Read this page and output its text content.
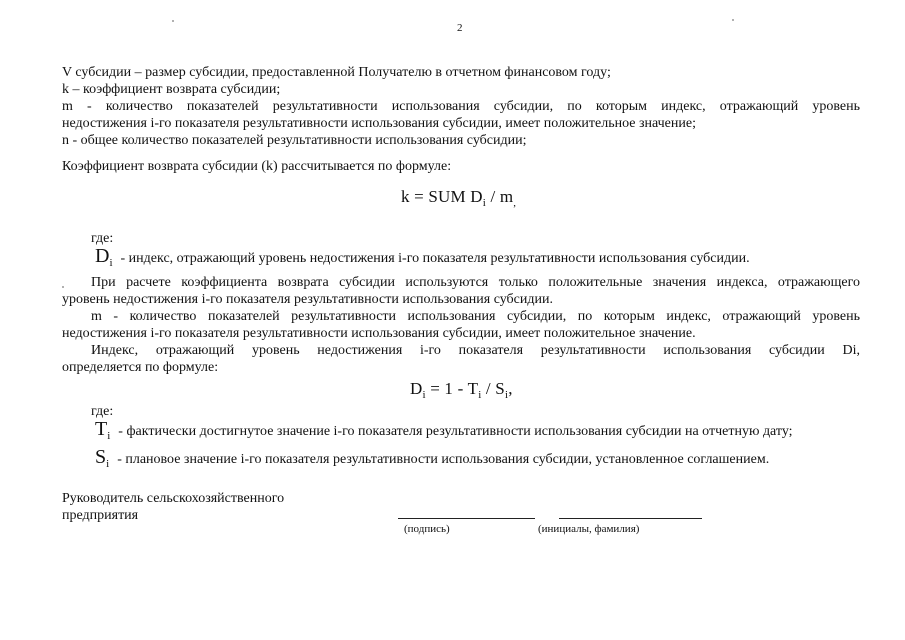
2
V субсидии – размер субсидии, предоставленной Получателю в отчетном финансовом году;
k – коэффициент возврата субсидии;
m - количество показателей результативности использования субсидии, по которым индекс, отражающий уровень
недостижения i-го показателя результативности использования субсидии, имеет положительное значение;
n - общее количество показателей результативности использования субсидии;
Коэффициент возврата субсидии (k) рассчитывается по формуле:
k = SUM $D_i / m_,$
где:
$D_i$ - индекс, отражающий уровень недостижения i-го показателя результативности использования субсидии.
При расчете коэффициента возврата субсидии используются только положительные значения индекса, отражающего
уровень недостижения i-го показателя результативности использования субсидии.
m - количество показателей результативности использования субсидии, по которым индекс, отражающий уровень
недостижения i-го показателя результативности использования субсидии, имеет положительное значение.
Индекс, отражающий уровень недостижения i-го показателя результативности использования субсидии Di,
определяется по формуле:
$D_i = 1 - T_i / S_i$,
где:
$T_i$ - фактически достигнутое значение i-го показателя результативности использования субсидии на отчетную дату;
$S_i$ - плановое значение i-го показателя результативности использования субсидии, установленное соглашением.
Руководитель сельскохозяйственного
предприятия
(подпись)	(инициалы, фамилия)
